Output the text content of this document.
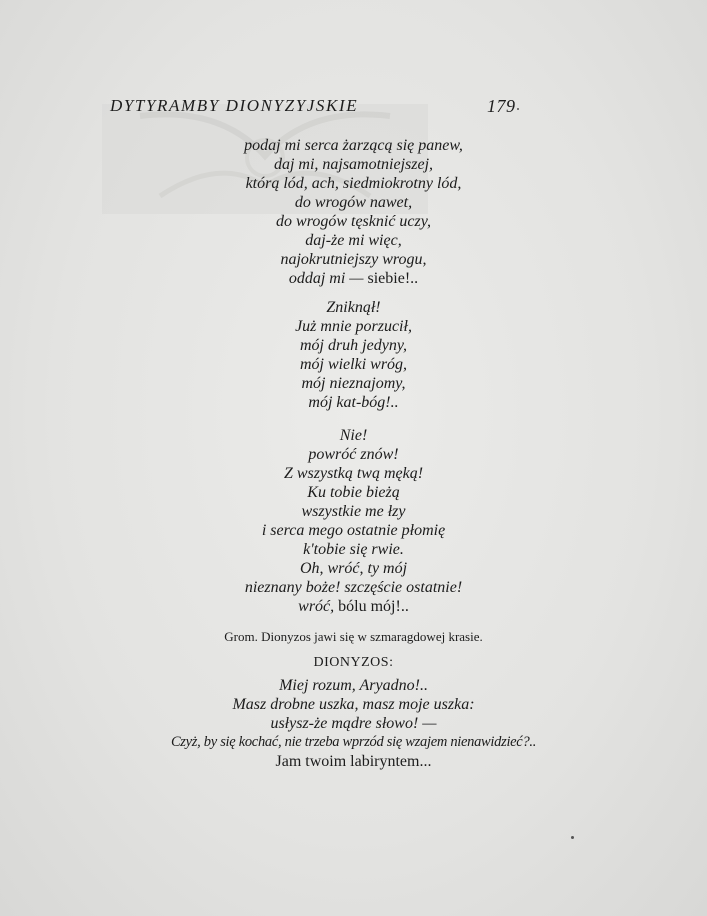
DYTYRAMBY DIONYZYJSKIE	179
podaj mi serca żarzącą się panew,
daj mi, najsamotniejszej,
którą lód, ach, siedmiokrotny lód,
do wrogów nawet,
do wrogów tęsknić uczy,
daj-że mi więc,
najokrutniejszy wrogu,
oddaj mi — siebie!..
Zniknął!
Już mnie porzucił,
mój druh jedyny,
mój wielki wróg,
mój nieznajomy,
mój kat-bóg!..
Nie!
powróć znów!
Z wszystką twą męką!
Ku tobie bieżą
wszystkie me łzy
i serca mego ostatnie płomię
k'tobie się rwie.
Oh, wróć, ty mój
nieznany boże! szczęście ostatnie!
wróć, bólu mój!..
Grom. Dionyzos jawi się w szmaragdowej krasie.
DIONYZOS:
Miej rozum, Aryadno!..
Masz drobne uszka, masz moje uszka:
usłysz-że mądre słowo! —
Czyż, by się kochać, nie trzeba wprzód się wzajem nienawidzieć?..
Jam twoim labiryntem...
